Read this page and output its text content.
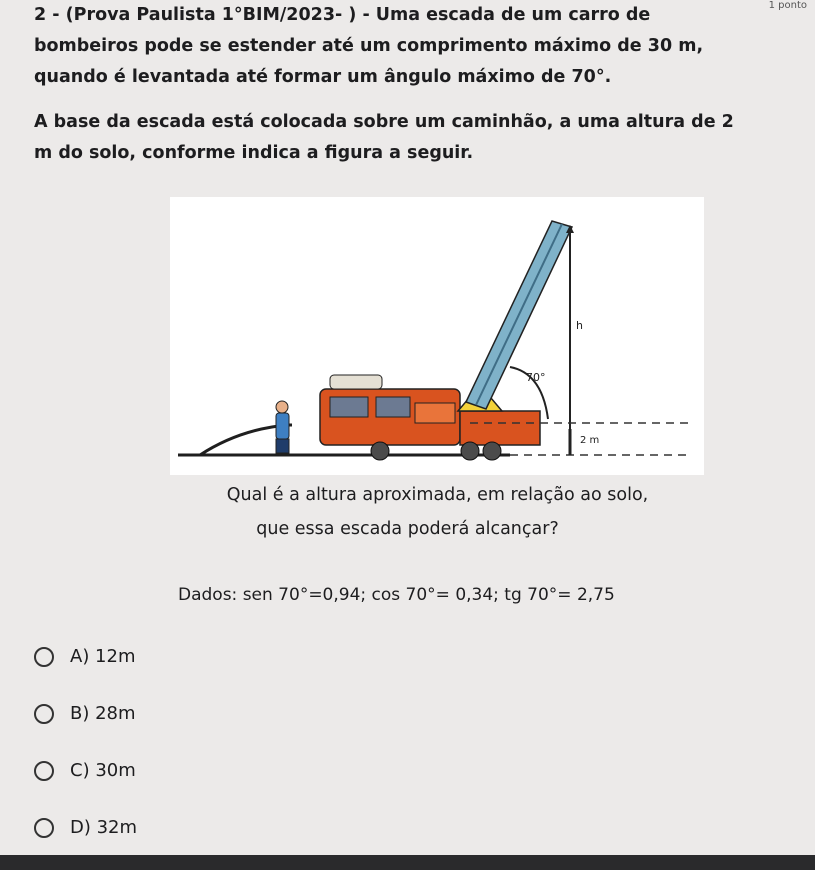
1 ponto

2 - (Prova Paulista 1°BIM/2023- ) - Uma escada de um carro de bombeiros pode se estender até um comprimento máximo de 30 m, quando é levantada até formar um ângulo máximo de 70°.

A base da escada está colocada sobre um caminhão, a uma altura de 2 m do solo, conforme indica a figura a seguir.

h
70°
2 m
Qual é a altura aproximada, em relação ao solo,
que essa escada poderá alcançar?
Dados: sen 70°=0,94; cos 70°= 0,34; tg 70°= 2,75
A) 12m
B) 28m
C) 30m
D) 32m
